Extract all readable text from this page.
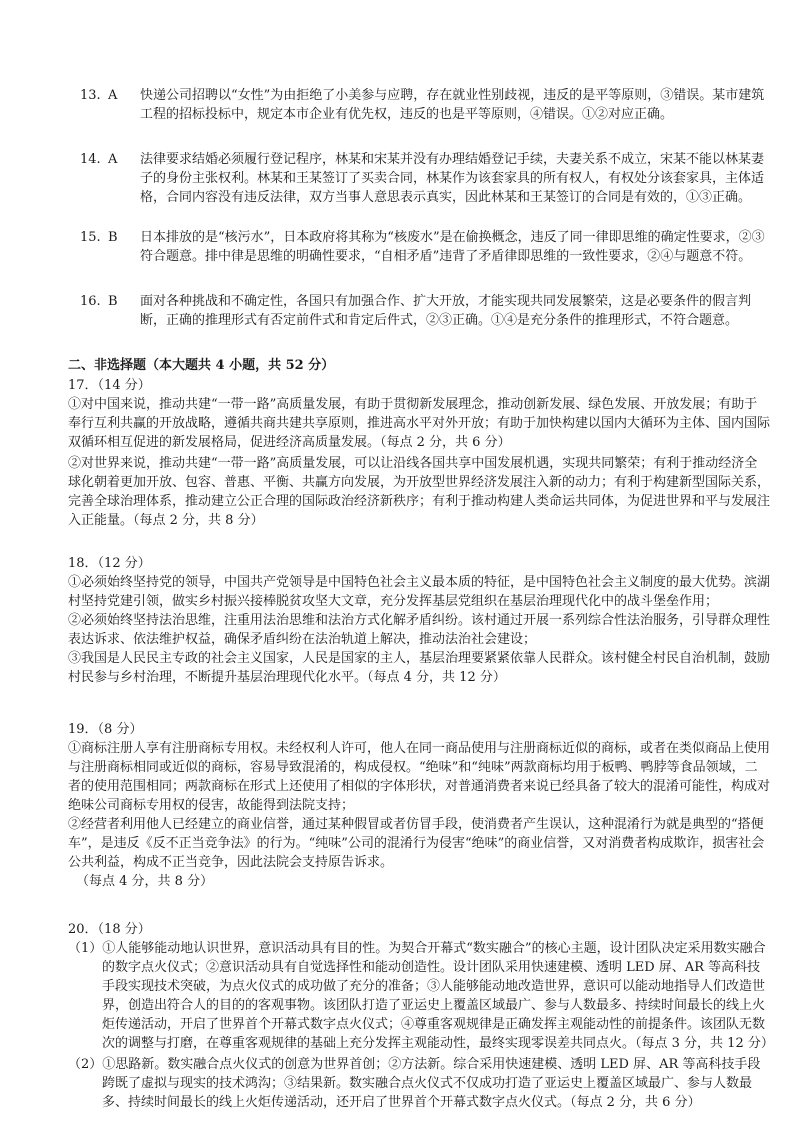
13. A	快递公司招聘以“女性”为由拒绝了小美参与应聘，存在就业性别歧视，违反的是平等原则，③错误。某市建筑工程的招标投标中，规定本市企业有优先权，违反的也是平等原则，④错误。①②对应正确。
14. A	法律要求结婚必须履行登记程序，林某和宋某并没有办理结婚登记手续，夫妻关系不成立，宋某不能以林某妻子的身份主张权利。林某和王某签订了买卖合同，林某作为该套家具的所有权人，有权处分该套家具，主体适格，合同内容没有违反法律，双方当事人意思表示真实，因此林某和王某签订的合同是有效的，①③正确。
15. B	日本排放的是“核污水”，日本政府将其称为“核废水”是在偷换概念，违反了同一律即思维的确定性要求，②③符合题意。排中律是思维的明确性要求，“自相矛盾”违背了矛盾律即思维的一致性要求，②④与题意不符。
16. B	面对各种挑战和不确定性，各国只有加强合作、扩大开放，才能实现共同发展繁荣，这是必要条件的假言判断，正确的推理形式有否定前件式和肯定后件式，②③正确。①④是充分条件的推理形式，不符合题意。
二、非选择题（本大题共 4 小题，共 52 分）
17．（14 分）
①对中国来说，推动共建“一带一路”高质量发展，有助于贯彻新发展理念，推动创新发展、绿色发展、开放发展；有助于奉行互利共赢的开放战略，遵循共商共建共享原则，推进高水平对外开放；有助于加快构建以国内大循环为主体、国内国际双循环相互促进的新发展格局，促进经济高质量发展。（每点 2 分，共 6 分）
②对世界来说，推动共建“一带一路”高质量发展，可以让沿线各国共享中国发展机遇，实现共同繁荣；有利于推动经济全球化朝着更加开放、包容、普惠、平衡、共赢方向发展，为开放型世界经济发展注入新的动力；有利于构建新型国际关系，完善全球治理体系，推动建立公正合理的国际政治经济新秩序；有利于推动构建人类命运共同体，为促进世界和平与发展注入正能量。（每点 2 分，共 8 分）
18．（12 分）
①必须始终坚持党的领导，中国共产党领导是中国特色社会主义最本质的特征，是中国特色社会主义制度的最大优势。滨湖村坚持党建引领，做实乡村振兴接棒脱贫攻坚大文章，充分发挥基层党组织在基层治理现代化中的战斗堡垒作用；
②必须始终坚持法治思维，注重用法治思维和法治方式化解矛盾纠纷。该村通过开展一系列综合性法治服务，引导群众理性表达诉求、依法维护权益，确保矛盾纠纷在法治轨道上解决，推动法治社会建设；
③我国是人民民主专政的社会主义国家，人民是国家的主人，基层治理要紧紧依靠人民群众。该村健全村民自治机制，鼓励村民参与乡村治理，不断提升基层治理现代化水平。（每点 4 分，共 12 分）
19．（8 分）
①商标注册人享有注册商标专用权。未经权利人许可，他人在同一商品使用与注册商标近似的商标，或者在类似商品上使用与注册商标相同或近似的商标，容易导致混淆的，构成侵权。“绝味”和“纯味”两款商标均用于板鸭、鸭脖等食品领域，二者的使用范围相同；两款商标在形式上还使用了相似的字体形状，对普通消费者来说已经具备了较大的混淆可能性，构成对绝味公司商标专用权的侵害，故能得到法院支持；
②经营者利用他人已经建立的商业信誉，通过某种假冒或者仿冒手段，使消费者产生误认，这种混淆行为就是典型的“搭便车”，是违反《反不正当竞争法》的行为。“纯味”公司的混淆行为侵害“绝味”的商业信誉，又对消费者构成欺诈，损害社会公共利益，构成不正当竞争，因此法院会支持原告诉求。
（每点 4 分，共 8 分）
20．（18 分）
（1）①人能够能动地认识世界，意识活动具有目的性。为契合开幕式“数实融合”的核心主题，设计团队决定采用数实融合的数字点火仪式；②意识活动具有自觉选择性和能动创造性。设计团队采用快速建模、透明 LED 屏、AR 等高科技手段实现技术突破，为点火仪式的成功做了充分的准备；③人能够能动地改造世界，意识可以能动地指导人们改造世界，创造出符合人的目的的客观事物。该团队打造了亚运史上覆盖区域最广、参与人数最多、持续时间最长的线上火炬传递活动，开启了世界首个开幕式数字点火仪式；④尊重客观规律是正确发挥主观能动性的前提条件。该团队无数次的调整与打磨，在尊重客观规律的基础上充分发挥主观能动性，最终实现零误差共同点火。（每点 3 分，共 12 分）
（2）①思路新。数实融合点火仪式的创意为世界首创；②方法新。综合采用快速建模、透明 LED 屏、AR 等高科技手段跨既了虚拟与现实的技术鸿沟；③结果新。数实融合点火仪式不仅成功打造了亚运史上覆盖区域最广、参与人数最多、持续时间最长的线上火炬传递活动，还开启了世界首个开幕式数字点火仪式。（每点 2 分，共 6 分）
